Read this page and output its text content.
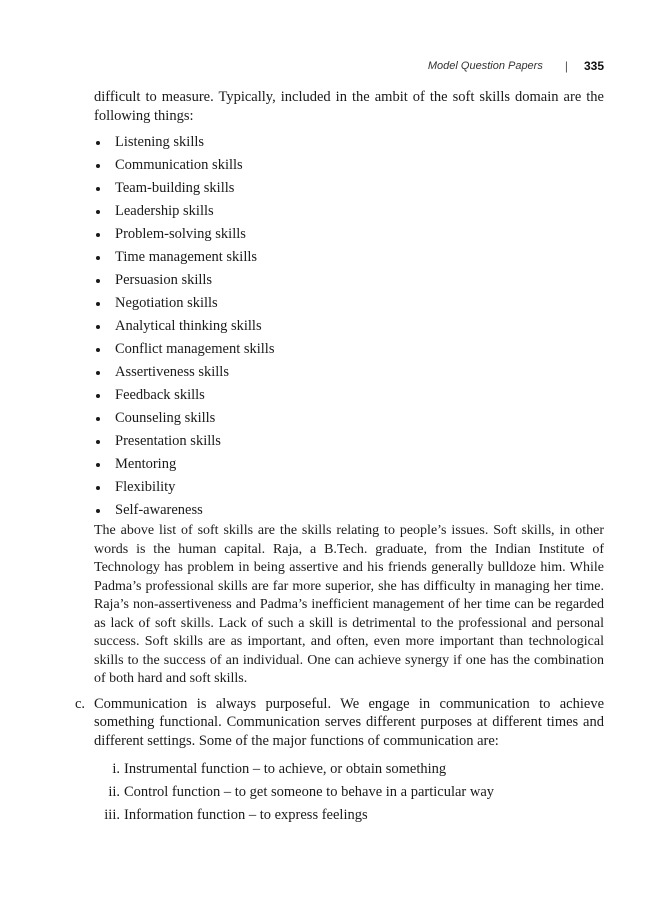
Model Question Papers | 335

difficult to measure. Typically, included in the ambit of the soft skills domain are the following things:

Listening skills
Communication skills
Team-building skills
Leadership skills
Problem-solving skills
Time management skills
Persuasion skills
Negotiation skills
Analytical thinking skills
Conflict management skills
Assertiveness skills
Feedback skills
Counseling skills
Presentation skills
Mentoring
Flexibility
Self-awareness

The above list of soft skills are the skills relating to people’s issues. Soft skills, in other words is the human capital. Raja, a B.Tech. graduate, from the Indian Institute of Technology has problem in being assertive and his friends generally bulldoze him. While Padma’s professional skills are far more superior, she has difficulty in managing her time. Raja’s non-assertiveness and Padma’s inefficient management of her time can be regarded as lack of soft skills. Lack of such a skill is detrimental to the professional and personal success. Soft skills are as important, and often, even more important than technological skills to the success of an individual. One can achieve synergy if one has the combination of both hard and soft skills.

c. Communication is always purposeful. We engage in communication to achieve something functional. Communication serves different purposes at different times and different settings. Some of the major functions of communication are:

i. Instrumental function – to achieve, or obtain something
ii. Control function – to get someone to behave in a particular way
iii. Information function – to express feelings
